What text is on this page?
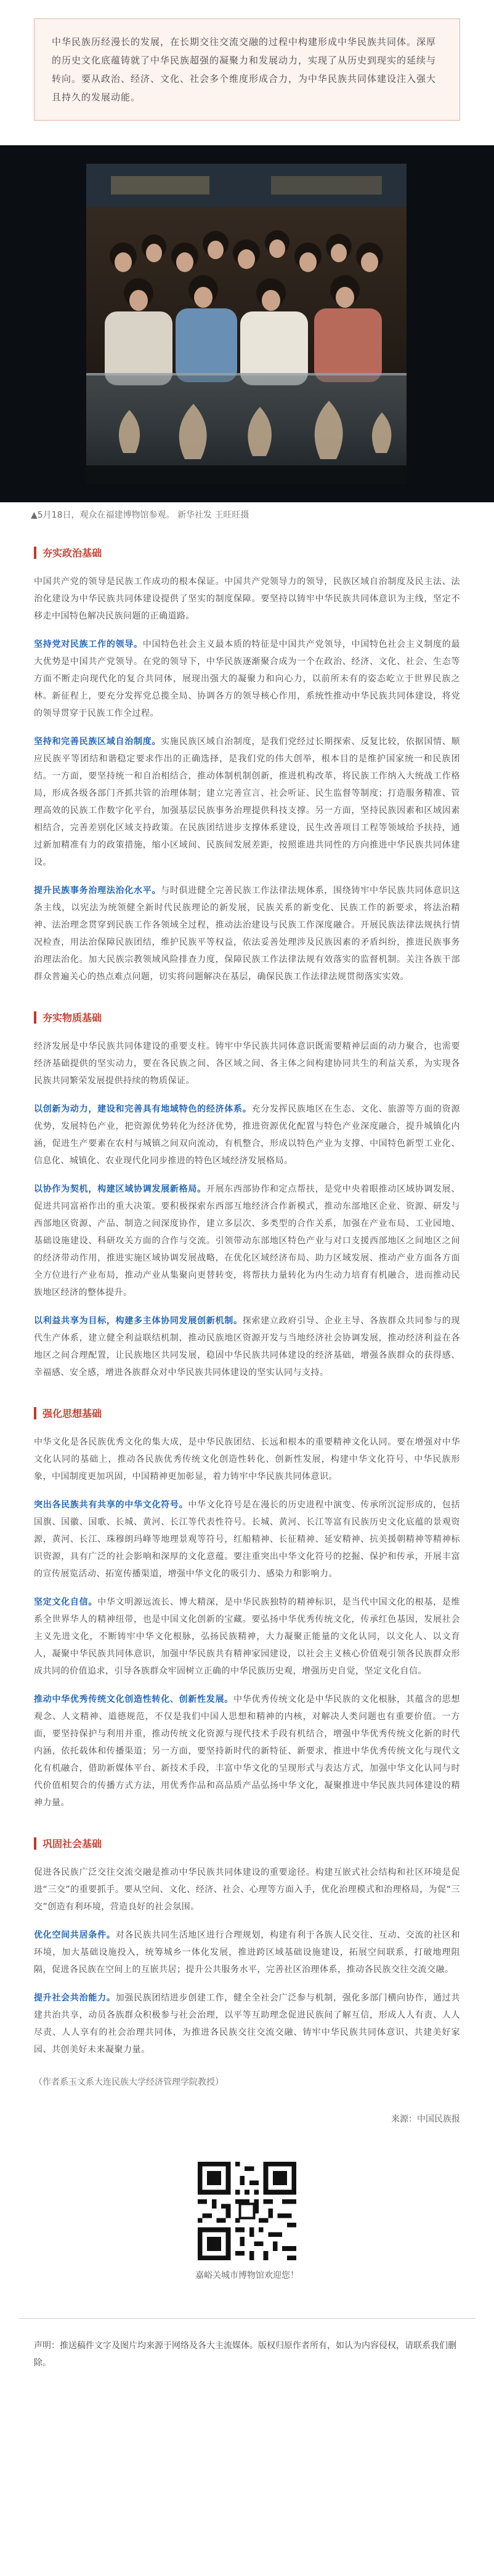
中华民族历经漫长的发展，在长期交往交流交融的过程中构建形成中华民族共同体。深厚的历史文化底蕴铸就了中华民族超强的凝聚力和发展动力，实现了从历史到现实的延续与转向。要从政治、经济、文化、社会多个维度形成合力，为中华民族共同体建设注入强大且持久的发展动能。

▲5月18日，观众在福建博物馆参观。 新华社发 王旺旺摄
夯实政治基础

中国共产党的领导是民族工作成功的根本保证。中国共产党领导力的领导，民族区域自治制度及民主法、法治化建设为中华民族共同体建设提供了坚实的制度保障。要坚持以铸牢中华民族共同体意识为主线，坚定不移走中国特色解决民族问题的正确道路。

坚持党对民族工作的领导。中国特色社会主义最本质的特征是中国共产党领导，中国特色社会主义制度的最大优势是中国共产党领导。在党的领导下，中华民族逐渐聚合成为一个在政治、经济、文化、社会、生态等方面不断走向现代化的复合共同体，展现出强大的凝聚力和向心力，以前所未有的姿态屹立于世界民族之林。新征程上，要充分发挥党总揽全局、协调各方的领导核心作用，系统性推动中华民族共同体建设，将党的领导贯穿于民族工作全过程。

坚持和完善民族区域自治制度。实施民族区域自治制度，是我们党经过长期探索、反复比较，依据国情、顺应民族平等团结和谐稳定要求作出的正确选择，是我们党的伟大创举，根本目的是维护国家统一和民族团结。一方面，要坚持统一和自治相结合，推动体制机制创新，推进机构改革，将民族工作纳入大统战工作格局，形成各级各部门齐抓共管的治理体制；建立完善宣言、社会听证、民生监督等制度；打造服务精准、管理高效的民族工作数字化平台，加强基层民族事务治理提供科技支撑。另一方面，坚持民族因素和区域因素相结合，完善差别化区域支持政策。在民族团结进步支撑体系建设，民生改善项目工程等领域给予扶持，通过新加精准有力的政策措施，缩小区域间、民族间发展差距，按照谁进共同性的方向推进中华民族共同体建设。

提升民族事务治理法治化水平。与时俱进健全完善民族工作法律法规体系，围绕铸牢中华民族共同体意识这条主线，以宪法为统领健全新时代民族理论的新发展，民族关系的新变化、民族工作的新要求，将法治精神、法治理念贯穿到民族工作各领域全过程，推动法治建设与民族工作深度融合。开展民族法律法规执行情况检查，用法治保障民族团结，维护民族平等权益，依法妥善处理涉及民族因素的矛盾纠纷，推进民族事务治理法治化。加大民族宗教领域风险排查力度，保障民族工作法律法规有效落实的监督机制。关注各族干部群众普遍关心的热点难点问题，切实将问题解决在基层，确保民族工作法律法规贯彻落实实效。

夯实物质基础

经济发展是中华民族共同体建设的重要支柱。铸牢中华民族共同体意识既需要精神层面的动力聚合，也需要经济基础提供的坚实动力，要在各民族之间、各区域之间、各主体之间构建协同共生的利益关系，为实现各民族共同繁荣发展提供持续的物质保证。

以创新为动力，建设和完善具有地域特色的经济体系。充分发挥民族地区在生态、文化、旅游等方面的资源优势，发展特色产业，把资源优势转化为经济优势，推进资源优化配置与特色产业深度融合，提升城镇化内涵，促进生产要素在农村与城镇之间双向流动，有机整合，形成以特色产业为支撑、中国特色新型工业化、信息化、城镇化、农业现代化同步推进的特色区域经济发展格局。

以协作为契机，构建区域协调发展新格局。开展东西部协作和定点帮扶，是党中央着眼推动区域协调发展、促进共同富裕作出的重大决策。要积极探索东西部互地经济合作新模式，推动东部地区企业、资源、研发与西部地区资源、产品、制造之间深度协作，建立多层次、多类型的合作关系，加强在产业布局、工业园地、基础设施建设、科研攻关方面的合作与交流。引领带动东部地区特色产业与对口支援西部地区之间地区之间的经济带动作用，推进实施区域协调发展战略，在优化区域经济布局、助力区域发展、推动产业方面各方面全方位进行产业布局，推动产业从集聚向更替转变，将帮扶力量转化为内生动力培育有机融合，进而推动民族地区经济的整体提升。

以利益共享为目标，构建多主体协同发展创新机制。探索建立政府引导、企业主导、各族群众共同参与的现代生产体系，建立健全利益联结机制，推动民族地区资源开发与当地经济社会协调发展，推动经济利益在各地区之间合理配置，让民族地区共同发展，稳固中华民族共同体建设的经济基础，增强各族群众的获得感、幸福感、安全感，增进各族群众对中华民族共同体建设的坚实认同与支持。

强化思想基础

中华文化是各民族优秀文化的集大成，是中华民族团结、长远和根本的重要精神文化认同。要在增强对中华文化认同的基础上，推动各民族优秀传统文化创造性转化、创新性发展，构建中华文化符号、中华民族形象，中国制度更加巩固，中国精神更加彰显，着力铸牢中华民族共同体意识。

突出各民族共有共享的中华文化符号。中华文化符号是在漫长的历史进程中演变、传承所沉淀形成的，包括国旗、国徽、国歌、长城、黄河、长江等代表性符号。长城、黄河、长江等富有民族历史文化底蕴的景观资源，黄河、长江、珠穆朗玛峰等地理景观等符号，红船精神、长征精神、延安精神、抗美援朝精神等精神标识资源，具有广泛的社会影响和深厚的文化意蕴。要注重突出中华文化符号的挖掘、保护和传承，开展丰富的宣传展览活动、拓宽传播渠道，增强中华文化的吸引力、感染力和影响力。

坚定文化自信。中华文明源远流长、博大精深，是中华民族独特的精神标识，是当代中国文化的根基，是维系全世界华人的精神纽带，也是中国文化创新的宝藏。要弘扬中华优秀传统文化，传承红色基因，发展社会主义先进文化，不断铸牢中华文化根脉，弘扬民族精神，大力凝聚正能量的文化认同，以文化人、以文育人，凝聚中华民族共同体意识，加强中华民族共有精神家园建设，以社会主义核心价值观引领各民族群众形成共同的价值追求，引导各族群众牢固树立正确的中华民族历史观，增强历史自觉，坚定文化自信。

推动中华优秀传统文化创造性转化、创新性发展。中华优秀传统文化是中华民族的文化根脉，其蕴含的思想观念、人文精神、道德规范，不仅是我们中国人思想和精神的内核，对解决人类问题也有重要价值。一方面，要坚持保护与利用并重，推动传统文化资源与现代技术手段有机结合，增强中华优秀传统文化新的时代内涵，依托载体和传播渠道；另一方面，要坚持新时代的新特征、新要求，推进中华优秀传统文化与现代文化有机融合，借助新媒体平台、新技术手段，丰富中华文化的呈现形式与表达方式，加强中华文化认同与时代价值相契合的传播方式方法，用优秀作品和高品质产品弘扬中华文化，凝聚推进中华民族共同体建设的精神力量。

巩固社会基础

促进各民族广泛交往交流交融是推动中华民族共同体建设的重要途径。构建互嵌式社会结构和社区环境是促进“三交”的重要抓手。要从空间、文化、经济、社会、心理等方面入手，优化治理模式和治理格局，为促“三交”创造有利环境，营造良好的社会氛围。

优化空间共居条件。对各民族共同生活地区进行合理规划，构建有利于各族人民交往、互动、交流的社区和环境，加大基础设施投入，统筹城乡一体化发展，推进跨区域基础设施建设，拓展空间联系，打破地理阻隔，促进各民族在空间上的互嵌共居；提升公共服务水平，完善社区治理体系，推动各民族交往交流交融。

提升社会共治能力。加强民族团结进步创建工作，健全全社会广泛参与机制，强化多部门横向协作，通过共建共治共享，动员各族群众积极参与社会治理，以平等互助理念促进民族间了解互信，形成人人有责、人人尽责、人人享有的社会治理共同体，为推进各民族交往交流交融、铸牢中华民族共同体意识、共建美好家园、共创美好未来凝聚力量。

（作者系玉文系大连民族大学经济管理学院教授）
来源：中国民族报
嘉峪关城市博物馆欢迎您！
声明：推送稿件文字及图片均来源于网络及各大主流媒体。版权归原作者所有，如认为内容侵权，请联系我们删除。
